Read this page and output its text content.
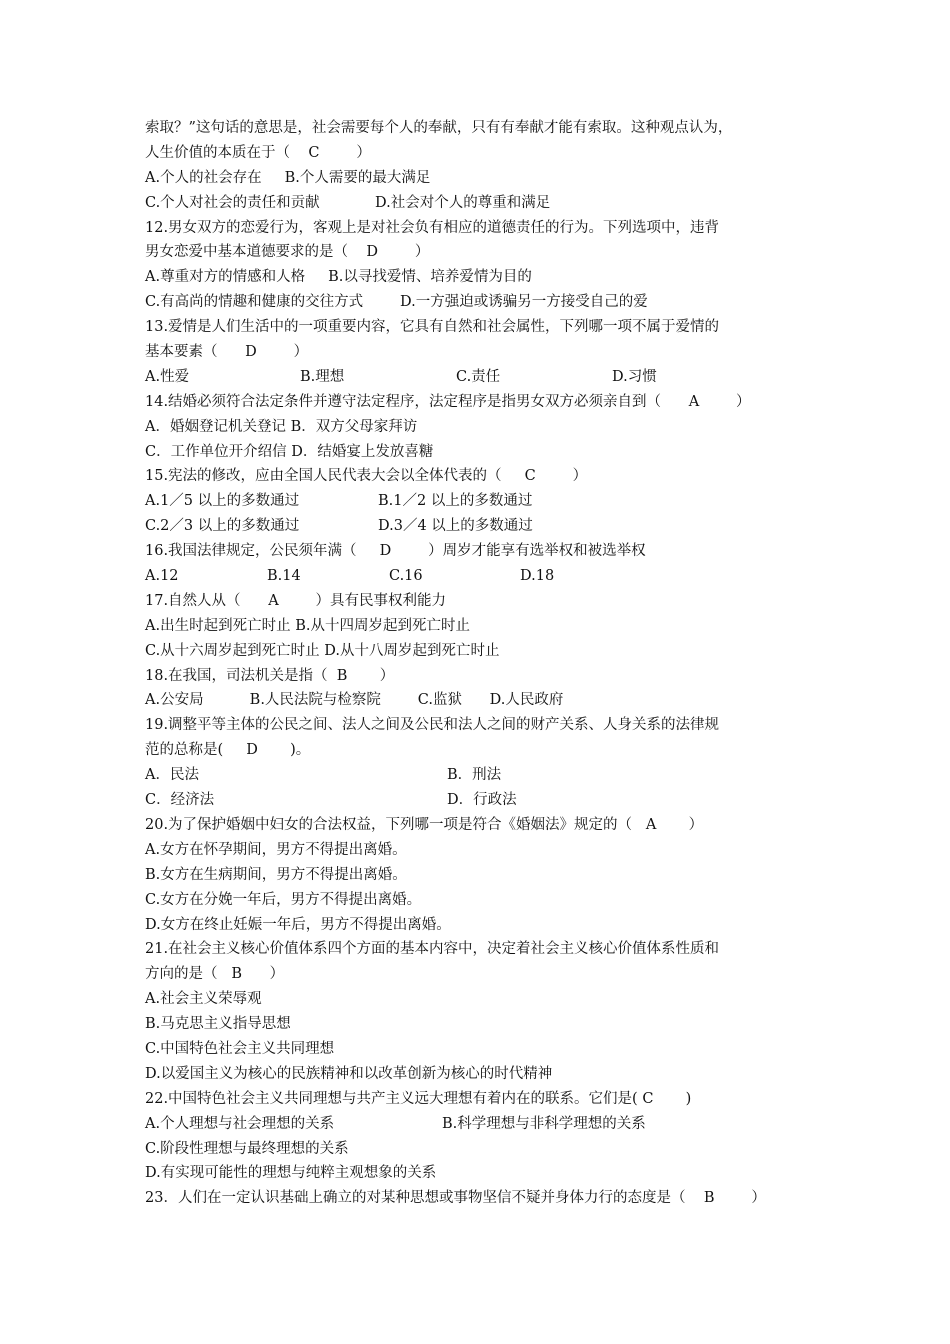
索取？”这句话的意思是，社会需要每个人的奉献，只有有奉献才能有索取。这种观点认为，
人生价值的本质在于（    C        ）
A.个人的社会存在     B.个人需要的最大满足
C.个人对社会的责任和贡献            D.社会对个人的尊重和满足
12.男女双方的恋爱行为，客观上是对社会负有相应的道德责任的行为。下列选项中，违背
男女恋爱中基本道德要求的是（    D        ）
A.尊重对方的情感和人格     B.以寻找爱情、培养爱情为目的
C.有高尚的情趣和健康的交往方式        D.一方强迫或诱骗另一方接受自己的爱
13.爱情是人们生活中的一项重要内容，它具有自然和社会属性，下列哪一项不属于爱情的
基本要素（      D        ）

A.性爱

	B.理想

	C.责任

	D.习惯

14.结婚必须符合法定条件并遵守法定程序，法定程序是指男女双方必须亲自到（      A        ）
A．婚姻登记机关登记 B．双方父母家拜访
C．工作单位开介绍信 D．结婚宴上发放喜糖
15.宪法的修改，应由全国人民代表大会以全体代表的（     C        ）

A.1／5 以上的多数通过

	B.1／2 以上的多数通过

C.2／3 以上的多数通过

	D.3／4 以上的多数通过

16.我国法律规定，公民须年满（     D        ）周岁才能享有选举权和被选举权

A.12

	B.14

	C.16

	D.18

17.自然人从（      A        ）具有民事权利能力
A.出生时起到死亡时止 B.从十四周岁起到死亡时止
C.从十六周岁起到死亡时止 D.从十八周岁起到死亡时止
18.在我国，司法机关是指（  B       ）
A.公安局          B.人民法院与检察院        C.监狱      D.人民政府
19.调整平等主体的公民之间、法人之间及公民和法人之间的财产关系、人身关系的法律规
范的总称是(     D       )。

A．民法

	B．刑法

C．经济法

	D．行政法

20.为了保护婚姻中妇女的合法权益，下列哪一项是符合《婚姻法》规定的（   A       ）
A.女方在怀孕期间，男方不得提出离婚。
B.女方在生病期间，男方不得提出离婚。
C.女方在分娩一年后，男方不得提出离婚。
D.女方在终止妊娠一年后，男方不得提出离婚。
21.在社会主义核心价值体系四个方面的基本内容中，决定着社会主义核心价值体系性质和
方向的是（   B      ）
A.社会主义荣辱观
B.马克思主义指导思想
C.中国特色社会主义共同理想
D.以爱国主义为核心的民族精神和以改革创新为核心的时代精神
22.中国特色社会主义共同理想与共产主义远大理想有着内在的联系。它们是( C       )

A.个人理想与社会理想的关系

	B.科学理想与非科学理想的关系

C.阶段性理想与最终理想的关系
D.有实现可能性的理想与纯粹主观想象的关系
23．人们在一定认识基础上确立的对某种思想或事物坚信不疑并身体力行的态度是（    B        ）
